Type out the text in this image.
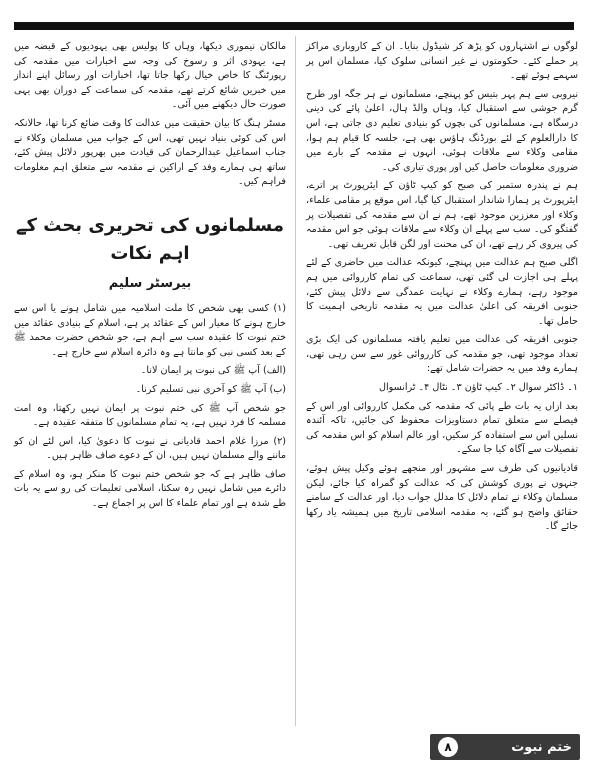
لوگوں نے اشتہاروں کو پڑھ کر شیڈول بنایا۔ ان کے کاروباری مراکز پر حملے کئے۔ حکومتوں نے غیر انسانی سلوک کیا، مسلمان اس پر سہمے ہوئے تھے۔

نیروبی سے ہم پہر بتیس کو پہنچے، مسلمانوں نے ہر جگہ اور طرح گرم جوشی سے استقبال کیا، وہاں والڈ ہال، اعلیٰ پائے کی دینی درسگاہ ہے، مسلمانوں کی بچوں کو بنیادی تعلیم دی جاتی ہے، اس کا دارالعلوم کے لئے بورڈنگ ہاؤس بھی ہے، جلسہ کا قیام ہم ہوا، مقامی وکلاء سے ملاقات ہوئی، انہوں نے مقدمہ کے بارے میں ضروری معلومات حاصل کیں اور پوری تیاری کی۔

ہم نے پندرہ ستمبر کی صبح کو کیپ ٹاؤن کے ایئرپورٹ پر اترے، ایئرپورٹ پر ہمارا شاندار استقبال کیا گیا، اس موقع پر مقامی علماء، وکلاء اور معززین موجود تھے، ہم نے ان سے مقدمہ کی تفصیلات پر گفتگو کی۔ سب سے پہلے ان وکلاء سے ملاقات ہوئی جو اس مقدمہ کی پیروی کر رہے تھے، ان کی محنت اور لگن قابل تعریف تھی۔

اگلی صبح ہم عدالت میں پہنچے، کیونکہ عدالت میں حاضری کے لئے پہلے ہی اجازت لی گئی تھی، سماعت کی تمام کارروائی میں ہم موجود رہے، ہمارے وکلاء نے نہایت عمدگی سے دلائل پیش کئے، جنوبی افریقہ کی اعلیٰ عدالت میں یہ مقدمہ تاریخی اہمیت کا حامل تھا۔

جنوبی افریقہ کی عدالت میں تعلیم یافتہ مسلمانوں کی ایک بڑی تعداد موجود تھی، جو مقدمہ کی کارروائی غور سے سن رہی تھی، ہمارے وفد میں یہ حضرات شامل تھے:

۱۔ ڈاکٹر سوال ۲۔ کیپ ٹاؤن ۳۔ نٹال ۴۔ ٹرانسوال

بعد ازاں یہ بات طے پائی کہ مقدمہ کی مکمل کارروائی اور اس کے فیصلے سے متعلق تمام دستاویزات محفوظ کی جائیں، تاکہ آئندہ نسلیں اس سے استفادہ کر سکیں، اور عالم اسلام کو اس مقدمہ کی تفصیلات سے آگاہ کیا جا سکے۔

قادیانیوں کی طرف سے مشہور اور منجھے ہوئے وکیل پیش ہوئے، جنہوں نے پوری کوشش کی کہ عدالت کو گمراہ کیا جائے، لیکن مسلمان وکلاء نے تمام دلائل کا مدلل جواب دیا، اور عدالت کے سامنے حقائق واضح ہو گئے، یہ مقدمہ اسلامی تاریخ میں ہمیشہ یاد رکھا جائے گا۔

مالکان نیموری دیکھا، وہاں کا پولیس بھی یہودیوں کے قبضہ میں ہے، یہودی اثر و رسوخ کی وجہ سے اخبارات میں مقدمہ کی رپورٹنگ کا خاص خیال رکھا جاتا تھا، اخبارات اور رسائل اپنے انداز میں خبریں شائع کرتے تھے، مقدمہ کی سماعت کے دوران بھی یہی صورت حال دیکھنے میں آئی۔

مسٹر ہنگ کا بیان حقیقت میں عدالت کا وقت ضائع کرنا تھا، حالانکہ اس کی کوئی بنیاد نہیں تھی، اس کے جواب میں مسلمان وکلاء نے جناب اسماعیل عبدالرحمان کی قیادت میں بھرپور دلائل پیش کئے، ساتھ ہی ہمارے وفد کے اراکین نے مقدمہ سے متعلق اہم معلومات فراہم کیں۔

مسلمانوں کی تحریری بحث کے اہم نکات
بیرسٹر سلیم

(۱) کسی بھی شخص کا ملت اسلامیہ میں شامل ہونے یا اس سے خارج ہونے کا معیار اس کے عقائد پر ہے، اسلام کے بنیادی عقائد میں ختم نبوت کا عقیدہ سب سے اہم ہے، جو شخص حضرت محمد ﷺ کے بعد کسی نبی کو مانتا ہے وہ دائرہ اسلام سے خارج ہے۔

(الف) آپ ﷺ کی نبوت پر ایمان لانا۔

(ب) آپ ﷺ کو آخری نبی تسلیم کرنا۔

جو شخص آپ ﷺ کی ختم نبوت پر ایمان نہیں رکھتا، وہ امت مسلمہ کا فرد نہیں ہے، یہ تمام مسلمانوں کا متفقہ عقیدہ ہے۔

(۲) مرزا غلام احمد قادیانی نے نبوت کا دعویٰ کیا، اس لئے ان کو ماننے والے مسلمان نہیں ہیں، ان کے دعوے صاف ظاہر ہیں۔

صاف ظاہر ہے کہ جو شخص ختم نبوت کا منکر ہو، وہ اسلام کے دائرے میں شامل نہیں رہ سکتا، اسلامی تعلیمات کی رو سے یہ بات طے شدہ ہے اور تمام علماء کا اس پر اجماع ہے۔

ختم نبوت
۸
